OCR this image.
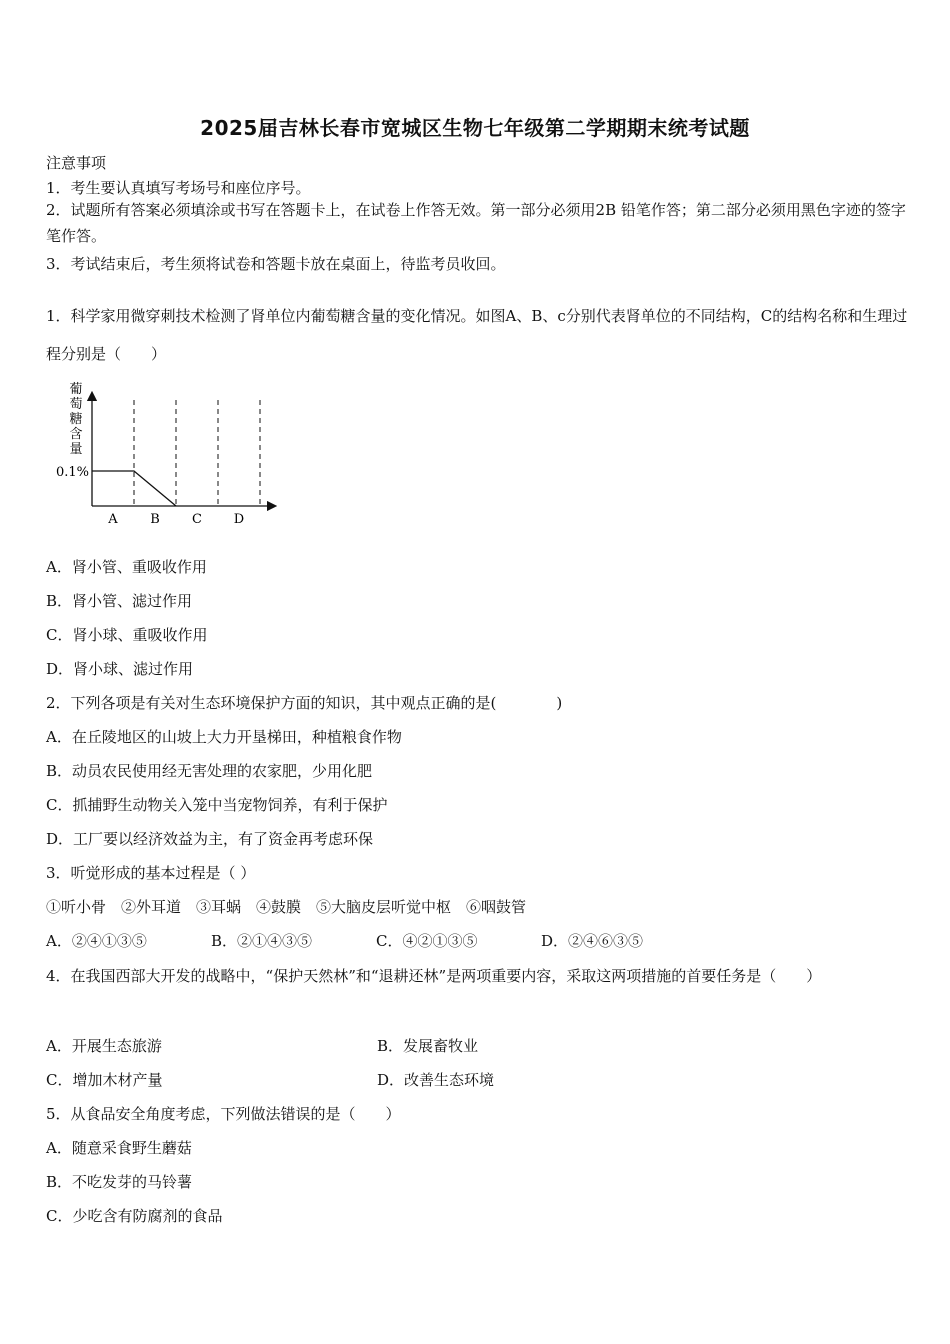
2025届吉林长春市宽城区生物七年级第二学期期末统考试题
注意事项
1．考生要认真填写考场号和座位序号。
2．试题所有答案必须填涂或书写在答题卡上，在试卷上作答无效。第一部分必须用2B 铅笔作答；第二部分必须用黑色字迹的签字笔作答。
3．考试结束后，考生须将试卷和答题卡放在桌面上，待监考员收回。
1．科学家用微穿刺技术检测了肾单位内葡萄糖含量的变化情况。如图A、B、c分别代表肾单位的不同结构，C的结构名称和生理过程分别是（　　）
葡
萄
糖
含
量
0.1%
A	B C D
A．肾小管、重吸收作用
B．肾小管、滤过作用
C．肾小球、重吸收作用
D．肾小球、滤过作用
2．下列各项是有关对生态环境保护方面的知识，其中观点正确的是(　　　　)
A．在丘陵地区的山坡上大力开垦梯田，种植粮食作物
B．动员农民使用经无害处理的农家肥，少用化肥
C．抓捕野生动物关入笼中当宠物饲养，有利于保护
D．工厂要以经济效益为主，有了资金再考虑环保
3．听觉形成的基本过程是（ ）
①听小骨　②外耳道　③耳蜗　④鼓膜　⑤大脑皮层听觉中枢　⑥咽鼓管
A．②④①③⑤	B．②①④③⑤	C．④②①③⑤	D．②④⑥③⑤
4．在我国西部大开发的战略中，“保护天然林”和“退耕还林”是两项重要内容，采取这两项措施的首要任务是（　　）
A．开展生态旅游	B．发展畜牧业
C．增加木材产量	D．改善生态环境
5．从食品安全角度考虑，下列做法错误的是（　　）
A．随意采食野生蘑菇
B．不吃发芽的马铃薯
C．少吃含有防腐剂的食品
